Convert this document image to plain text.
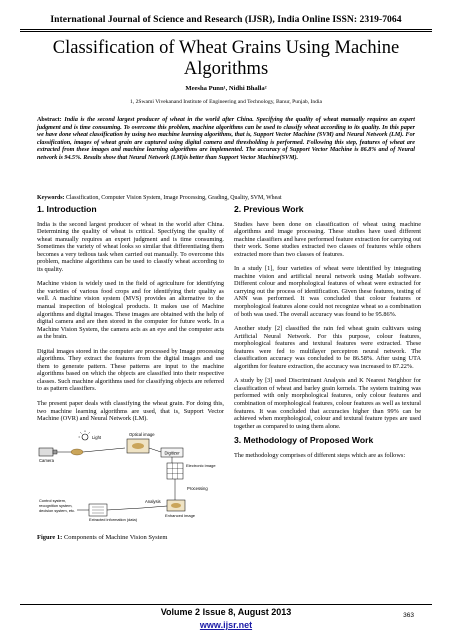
International Journal of Science and Research (IJSR), India Online ISSN: 2319-7064
Classification of Wheat Grains Using Machine Algorithms
Meesha Punn¹, Nidhi Bhalla²
1, 2Swami Vivekanand Institute of Engineering and Technology, Banur, Punjab, India
Abstract: India is the second largest producer of wheat in the world after China. Specifying the quality of wheat manually requires an expert judgment and is time consuming. To overcome this problem, machine algorithms can be used to classify wheat according to its quality. In this paper we have done wheat classification by using two machine learning algorithms, that is, Support Vector Machine (SVM) and Neural Network (LM). For classification, images of wheat grain are captured using digital camera and thresholding is performed. Following this step, features of wheat are extracted from these images and machine learning algorithms are implemented. The accuracy of Support Vector Machine is 86.8% and of Neural network is 94.5%. Results show that Neural Network (LM)is better than Support Vector Machine(SVM).
Keywords: Classification, Computer Vision System, Image Processing, Grading, Quality, SVM, Wheat
1. Introduction

India is the second largest producer of wheat in the world after China. Determining the quality of wheat is critical. Specifying the quality of wheat manually requires an expert judgment and is time consuming. Sometimes the variety of wheat looks so similar that differentiating them becomes a very tedious task when carried out manually. To overcome this problem, machine algorithms can be used to classify wheat according to its quality.

Machine vision is widely used in the field of agriculture for identifying the varieties of various food crops and for identifying their quality as well. A machine vision system (MVS) provides an alternative to the manual inspection of biological products. It makes use of Machine algorithms and digital images. These images are obtained with the help of digital camera and are then stored in the computer for future work. In a Machine Vision System, the camera acts as an eye and the computer acts as the brain.

Digital images stored in the computer are processed by Image processing algorithms. They extract the features from the digital images and use them to generate pattern. These patterns are input to the machine algorithms based on which the objects are classified into their respective classes. Such machine algorithms used for classifying objects are referred to as pattern classifiers.

The present paper deals with classifying the wheat grain. For doing this, two machine learning algorithms are used, that is, Support Vector Machine (OVR) and Neural Network (LM).

Light
Camera
Optical image
Digitizer
Electronic image
Processing
Enhanced image
Analysis
Extracted information (data)
Control system,
recognition system,
decision system, etc.
Figure 1: Components of Machine Vision System
2. Previous Work

Studies have been done on classification of wheat using machine algorithms and image processing. These studies have used different machine classifiers and have performed feature extraction for carrying out their work. Some studies extracted two classes of features while others extracted more than two classes of features.

In a study [1], four varieties of wheat were identified by integrating machine vision and artificial neural network using Matlab software. Different colour and morphological features of wheat were extracted for carrying out the process of identification. Given these features, testing of ANN was performed. It was concluded that colour features or morphological features alone could not recognize wheat so a combination of both was used. The overall accuracy was found to be 95.86%.

Another study [2] classified the rain fed wheat grain cultivars using Artificial Neural Network. For this purpose, colour features, morphological features and textural features were extracted. These features were fed to multilayer perceptron neural network. The classification accuracy was concluded to be 86.58%. After using UTA algorithm for feature extraction, the accuracy was increased to 87.22%.

A study by [3] used Discriminant Analysis and K Nearest Neighbor for classification of wheat and barley grain kernels. The system training was performed with only morphological features, only colour features and combination of morphological features, colour features as well as textural features. It was concluded that accuracies higher than 99% can be achieved when morphological, colour and textural feature types are used together as compared to using them alone.

3. Methodology of Proposed Work

The methodology comprises of different steps which are as follows:

Volume 2 Issue 8, August 2013
www.ijsr.net
363
